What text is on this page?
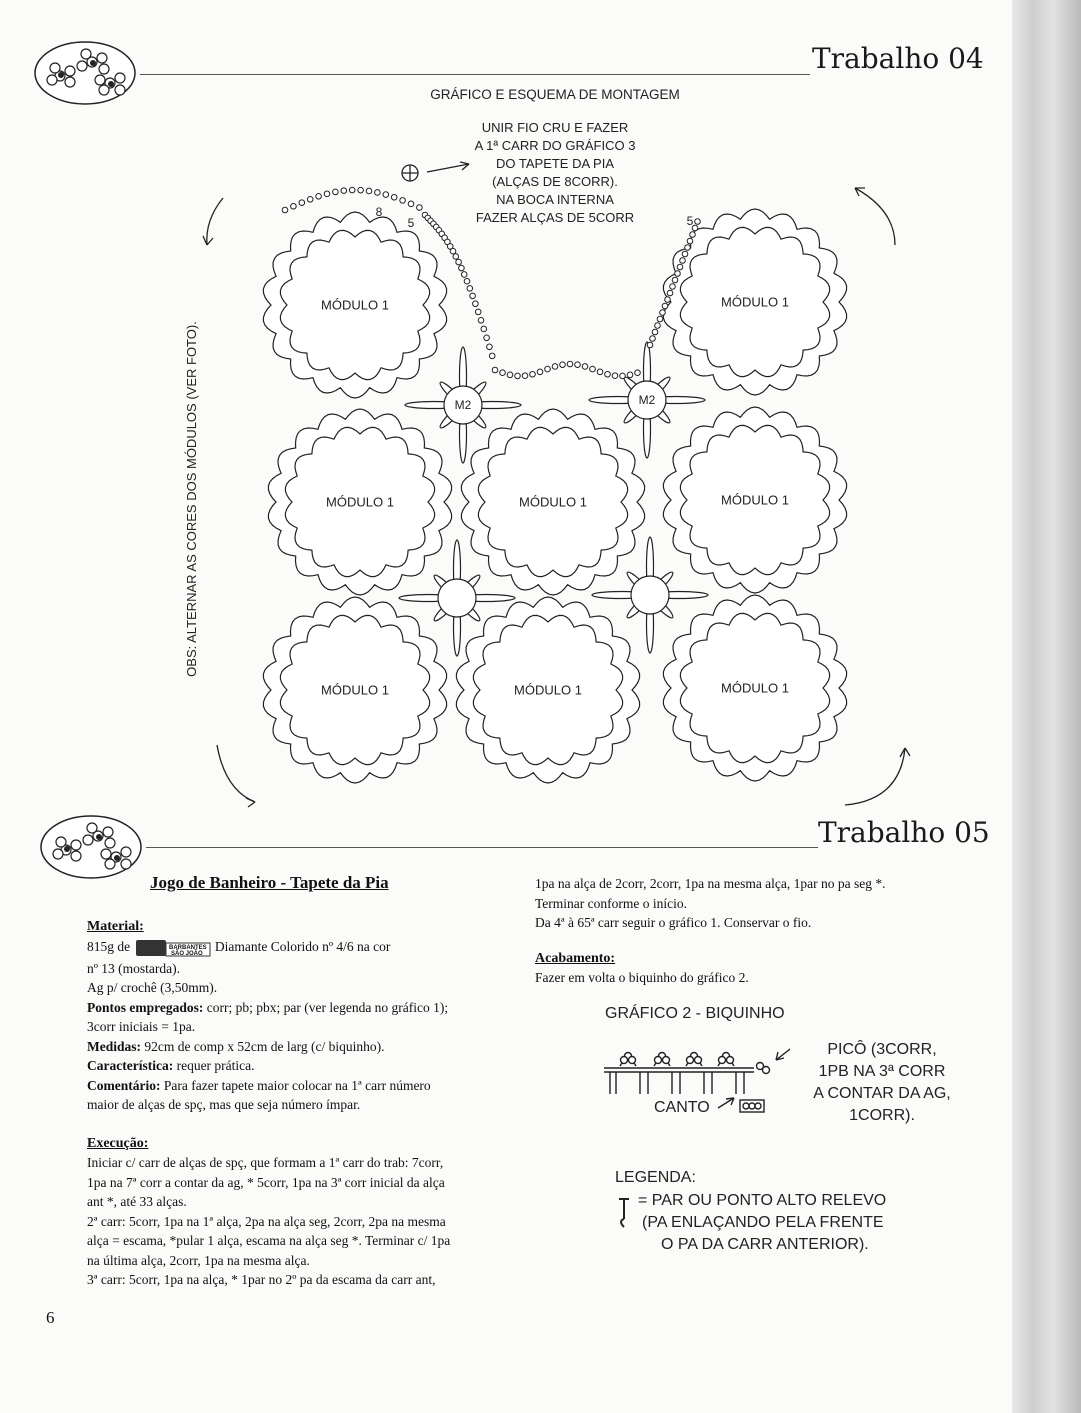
Trabalho 04
GRÁFICO E ESQUEMA DE MONTAGEM
UNIR FIO CRU E FAZER
A 1ª CARR DO GRÁFICO 3
DO TAPETE DA PIA
(ALÇAS DE 8CORR).
NA BOCA INTERNA
FAZER ALÇAS DE 5CORR
OBS: ALTERNAR AS CORES DOS MÓDULOS (VER FOTO).
MÓDULO 1	MÓDULO 1
MÓDULO 1	MÓDULO 1	MÓDULO 1
MÓDULO 1	MÓDULO 1	MÓDULO 1
M2	M2
8
5	5
Trabalho 05
Jogo de Banheiro - Tapete da Pia

Material:

815g de	BARBANTES
SÃO JOÃO Diamante Colorido nº 4/6 na cor

nº 13 (mostarda).

Ag p/ crochê (3,50mm).

Pontos empregados: corr; pb; pbx; par (ver legenda no gráfico 1);

3corr iniciais = 1pa.

Medidas: 92cm de comp x 52cm de larg (c/ biquinho).

Característica: requer prática.

Comentário: Para fazer tapete maior colocar na 1ª carr número

maior de alças de spç, mas que seja número ímpar.

Execução:

Iniciar c/ carr de alças de spç, que formam a 1ª carr do trab: 7corr,

1pa na 7ª corr a contar da ag, * 5corr, 1pa na 3ª corr inicial da alça

ant *, até 33 alças.

2ª carr: 5corr, 1pa na 1ª alça, 2pa na alça seg, 2corr, 2pa na mesma

alça = escama, *pular 1 alça, escama na alça seg *. Terminar c/ 1pa

na última alça, 2corr, 1pa na mesma alça.

3ª carr: 5corr, 1pa na alça, * 1par no 2º pa da escama da carr ant,

1pa na alça de 2corr, 2corr, 1pa na mesma alça, 1par no pa seg *.

Terminar conforme o início.

Da 4ª à 65ª carr seguir o gráfico 1. Conservar o fio.

Acabamento:

Fazer em volta o biquinho do gráfico 2.

GRÁFICO 2 - BIQUINHO
PICÔ (3CORR,
1PB NA 3ª CORR
A CONTAR DA AG,
1CORR).
CANTO
LEGENDA:
= PAR OU PONTO ALTO RELEVO
(PA ENLAÇANDO PELA FRENTE
O PA DA CARR ANTERIOR).
6
